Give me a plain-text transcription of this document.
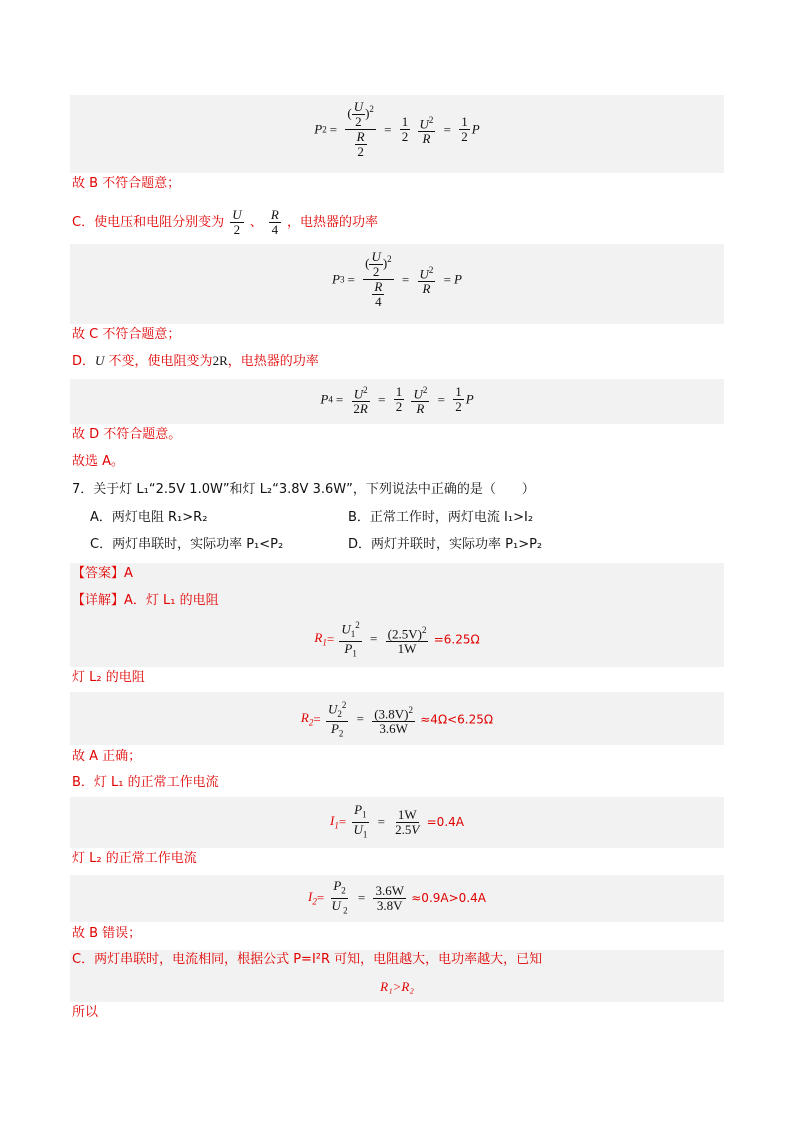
$P2 = \frac{( \frac{U}{2} )^2}{\frac{R}{2}} = \frac{1}{2}$
$\frac{U^2}{R} = \frac{1}{2}$ P
故 B 不符合题意；
C．使电压和电阻分别变为 $\frac{U}{2}$ 、 $\frac{R}{4}$ ，电热器的功率
$P3 = \frac{( \frac{U}{2} )^2}{\frac{R}{4}} = \frac{U^2}{R} = P$
故 C 不符合题意；
D．U 不变，使电阻变为2R，电热器的功率
$P4 = \frac{U^2}{2R} = \frac{1}{2}$
$\frac{U^2}{R} = \frac{1}{2}$ P
故 D 不符合题意。
故选 A。
7．关于灯 L₁“2.5V 1.0W”和灯 L₂“3.8V 3.6W”，下列说法中正确的是（　　）
A．两灯电阻 R₁>R₂	B．正常工作时，两灯电流 I₁>I₂
C．两灯串联时，实际功率 P₁<P₂	D．两灯并联时，实际功率 P₁>P₂
【答案】A
【详解】A．灯 L₁ 的电阻
$R_1= \frac{U_1^2}{P_1} = \frac{(2.5V)^2}{1W} =6.25\Omega$
灯 L₂ 的电阻
$R_2= \frac{U_2^2}{P_2} = \frac{(3.8V)^2}{3.6W} \approx 4\Omega<6.25\Omega$
故 A 正确；
B．灯 L₁ 的正常工作电流
$I_1= \frac{P_1}{U_1} = \frac{1W}{2.5V} =0.4A$
灯 L₂ 的正常工作电流
$I_2= \frac{P_2}{U _2} = \frac{3.6W}{3.8V} \approx 0.9A>0.4A$
故 B 错误；
C．两灯串联时，电流相同，根据公式 P=I²R 可知，电阻越大，电功率越大，已知
R₁>R₂
所以
